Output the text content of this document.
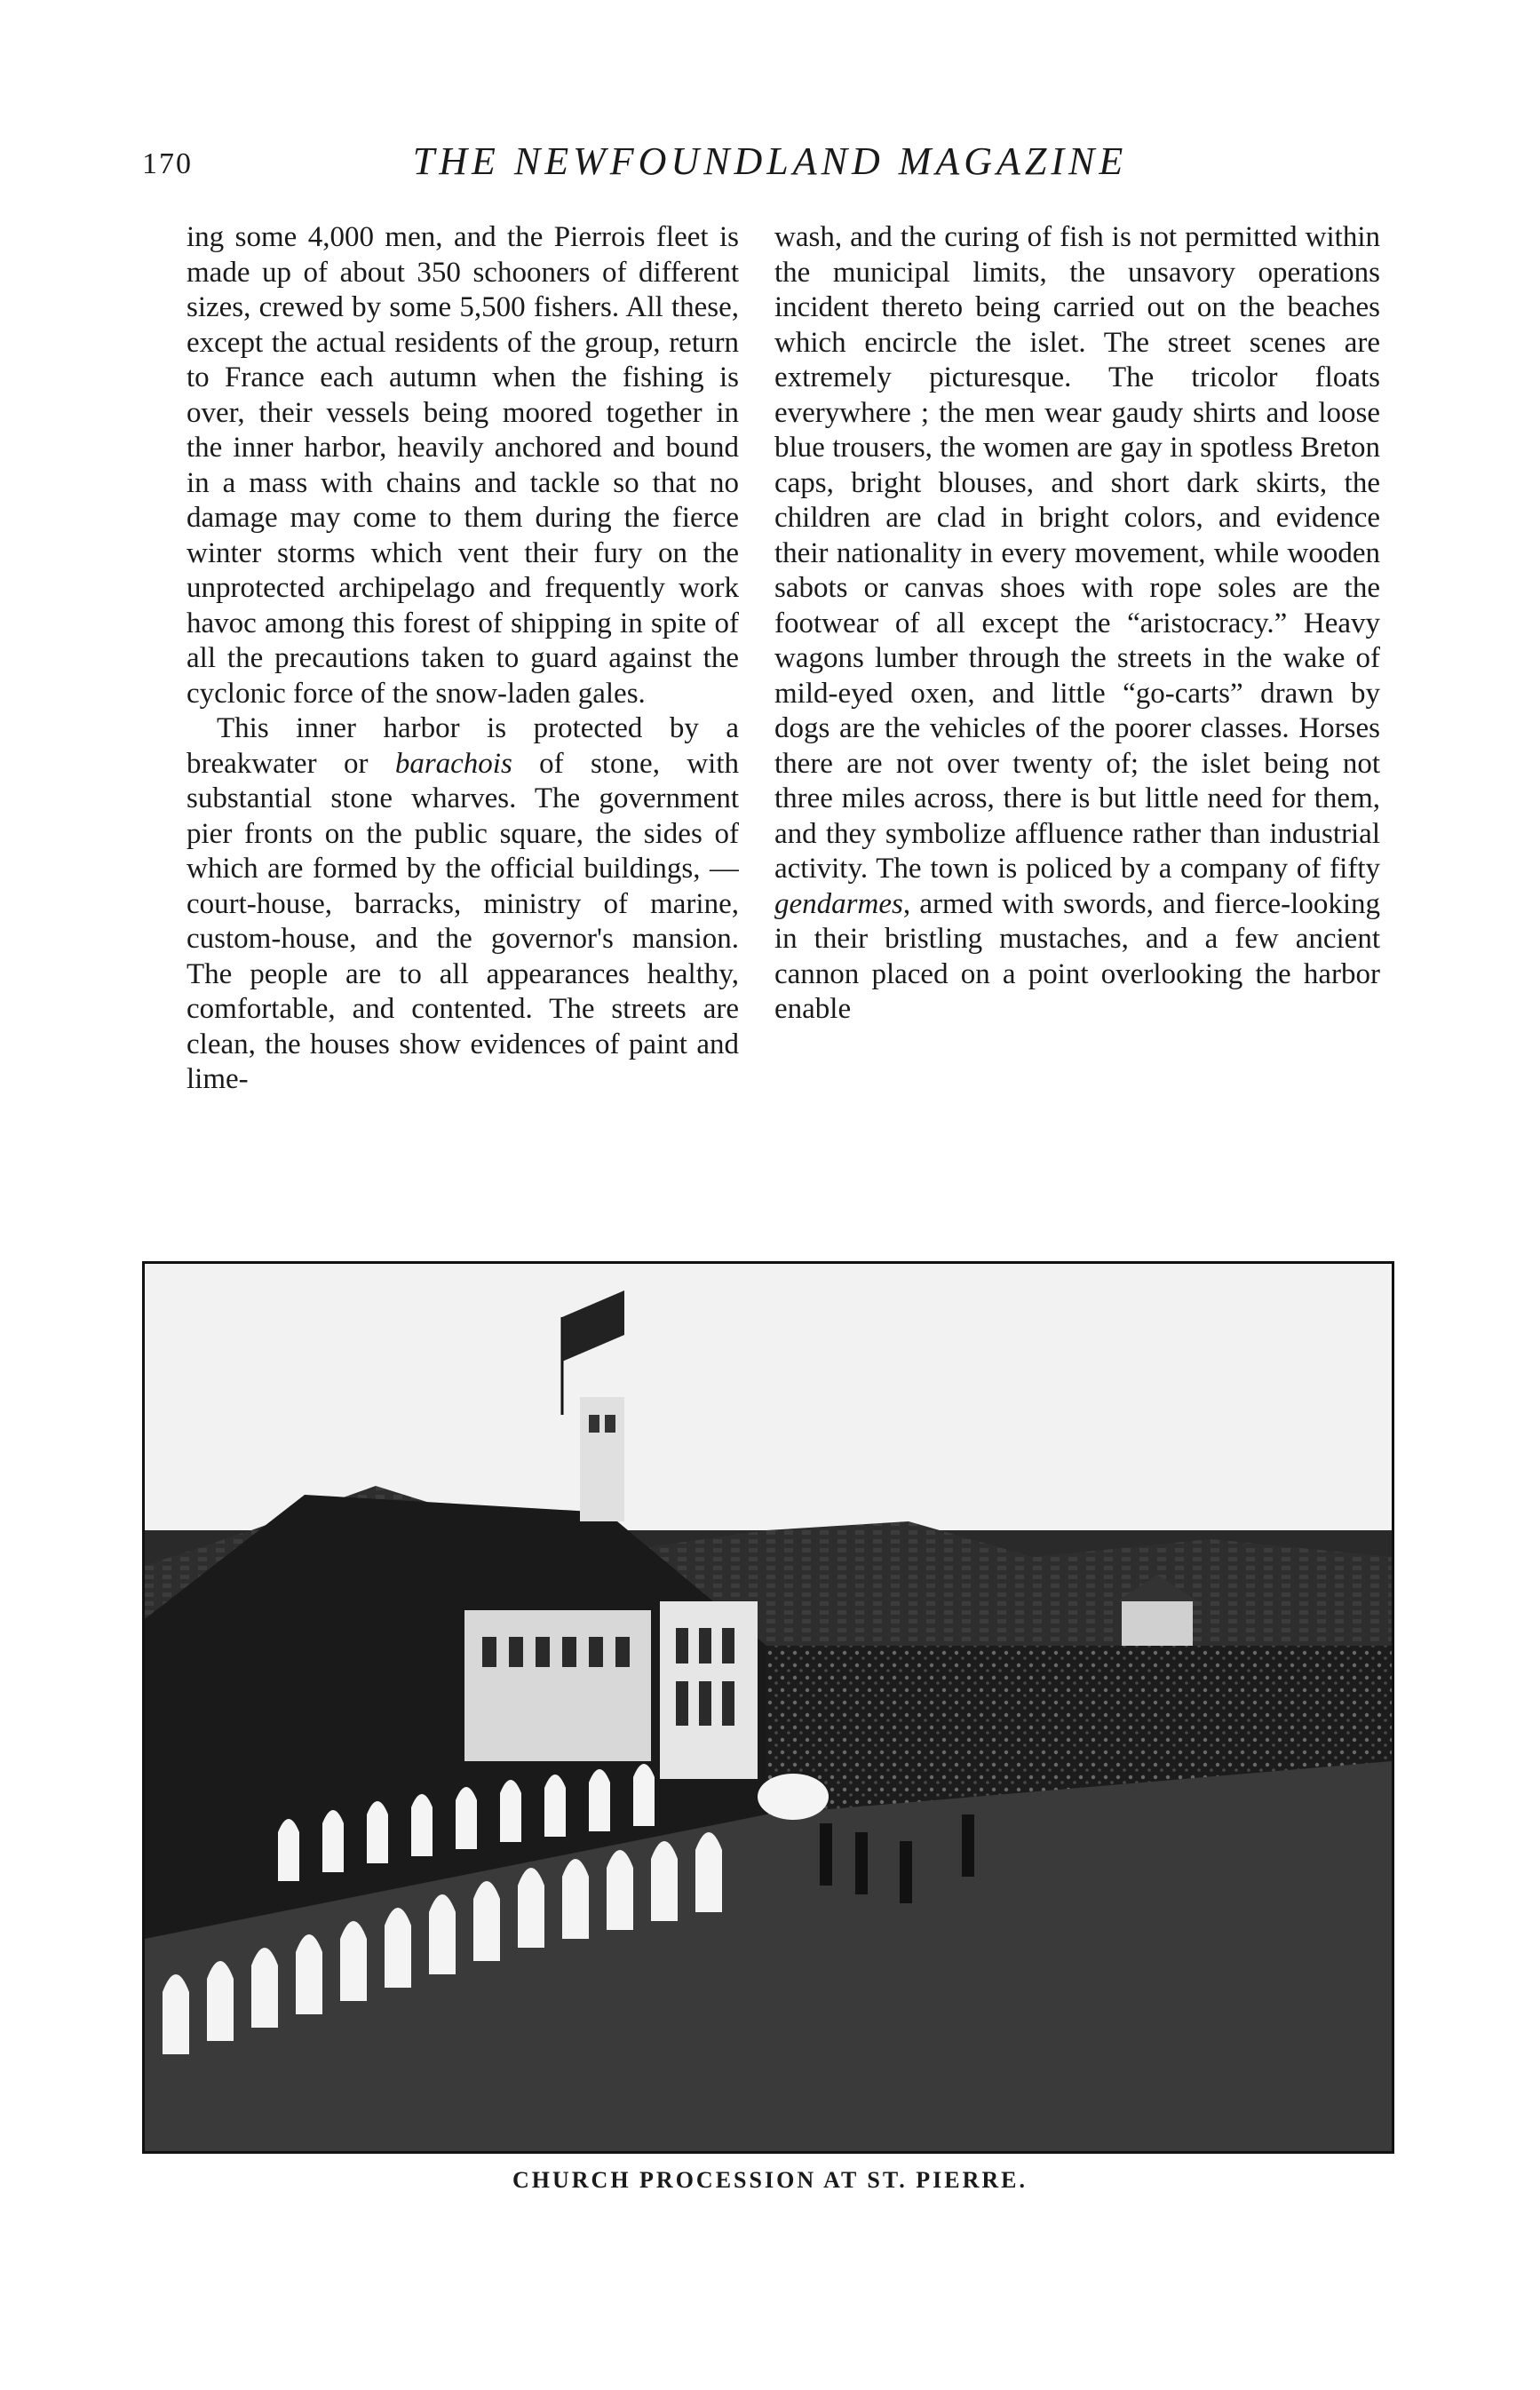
170	THE NEWFOUNDLAND MAGAZINE

ing some 4,000 men, and the Pierrois fleet is made up of about 350 schooners of different sizes, crewed by some 5,500 fishers. All these, except the actual residents of the group, return to France each autumn when the fishing is over, their vessels being moored together in the inner harbor, heavily anchored and bound in a mass with chains and tackle so that no damage may come to them during the fierce winter storms which vent their fury on the unprotected archipelago and frequently work havoc among this forest of shipping in spite of all the precautions taken to guard against the cyclonic force of the snow-laden gales.

This inner harbor is protected by a breakwater or barachois of stone, with substantial stone wharves. The government pier fronts on the public square, the sides of which are formed by the official buildings, — court-house, barracks, ministry of marine, custom-house, and the governor's mansion. The people are to all appearances healthy, comfortable, and contented. The streets are clean, the houses show evidences of paint and lime-

wash, and the curing of fish is not permitted within the municipal limits, the unsavory operations incident thereto being carried out on the beaches which encircle the islet. The street scenes are extremely picturesque. The tricolor floats everywhere ; the men wear gaudy shirts and loose blue trousers, the women are gay in spotless Breton caps, bright blouses, and short dark skirts, the children are clad in bright colors, and evidence their nationality in every movement, while wooden sabots or canvas shoes with rope soles are the footwear of all except the “aristocracy.” Heavy wagons lumber through the streets in the wake of mild-eyed oxen, and little “go-carts” drawn by dogs are the vehicles of the poorer classes. Horses there are not over twenty of; the islet being not three miles across, there is but little need for them, and they symbolize affluence rather than industrial activity. The town is policed by a company of fifty gendarmes, armed with swords, and fierce-looking in their bristling mustaches, and a few ancient cannon placed on a point overlooking the harbor enable

CHURCH PROCESSION AT ST. PIERRE.
